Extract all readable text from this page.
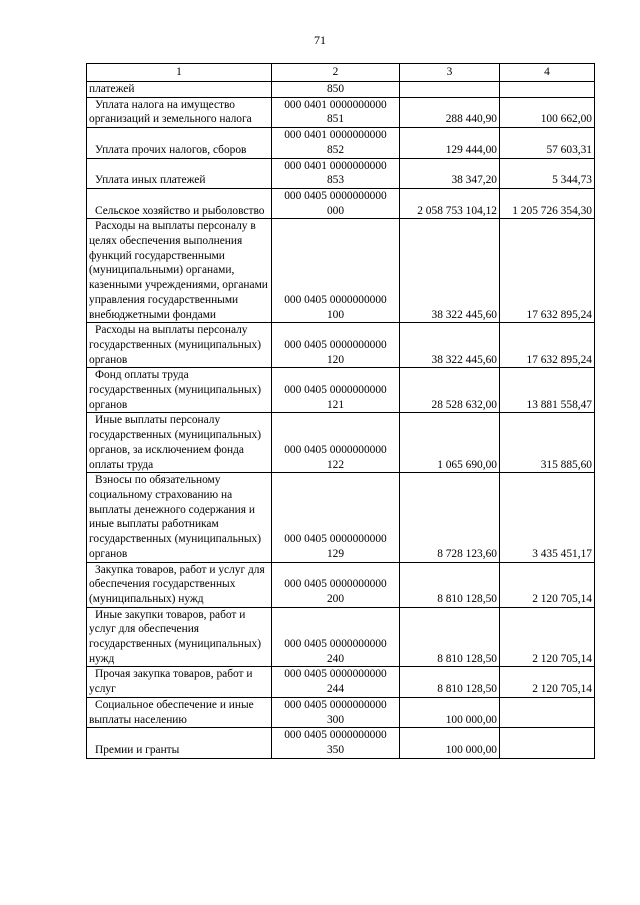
71
1	2	3	4

платежей	850		

Уплата налога на имущество организаций и земельного налога	000 0401 0000000000
851	288 440,90	100 662,00

Уплата прочих налогов, сборов	000 0401 0000000000
852	129 444,00	57 603,31

Уплата иных платежей	000 0401 0000000000
853	38 347,20	5 344,73

Сельское хозяйство и рыболовство	000 0405 0000000000
000	2 058 753 104,12	1 205 726 354,30

Расходы на выплаты персоналу в целях обеспечения выполнения функций государственными (муниципальными) органами, казенными учреждениями, органами управления государственными внебюджетными фондами	000 0405 0000000000
100	38 322 445,60	17 632 895,24

Расходы на выплаты персоналу государственных (муниципальных) органов	000 0405 0000000000
120	38 322 445,60	17 632 895,24

Фонд оплаты труда государственных (муниципальных) органов	000 0405 0000000000
121	28 528 632,00	13 881 558,47

Иные выплаты персоналу государственных (муниципальных) органов, за исключением фонда оплаты труда	000 0405 0000000000
122	1 065 690,00	315 885,60

Взносы по обязательному социальному страхованию на выплаты денежного содержания и иные выплаты работникам государственных (муниципальных) органов	000 0405 0000000000
129	8 728 123,60	3 435 451,17

Закупка товаров, работ и услуг для обеспечения государственных (муниципальных) нужд	000 0405 0000000000
200	8 810 128,50	2 120 705,14

Иные закупки товаров, работ и услуг для обеспечения государственных (муниципальных) нужд	000 0405 0000000000
240	8 810 128,50	2 120 705,14

Прочая закупка товаров, работ и услуг	000 0405 0000000000
244	8 810 128,50	2 120 705,14

Социальное обеспечение и иные выплаты населению	000 0405 0000000000
300	100 000,00	

Премии и гранты	000 0405 0000000000
350	100 000,00	
